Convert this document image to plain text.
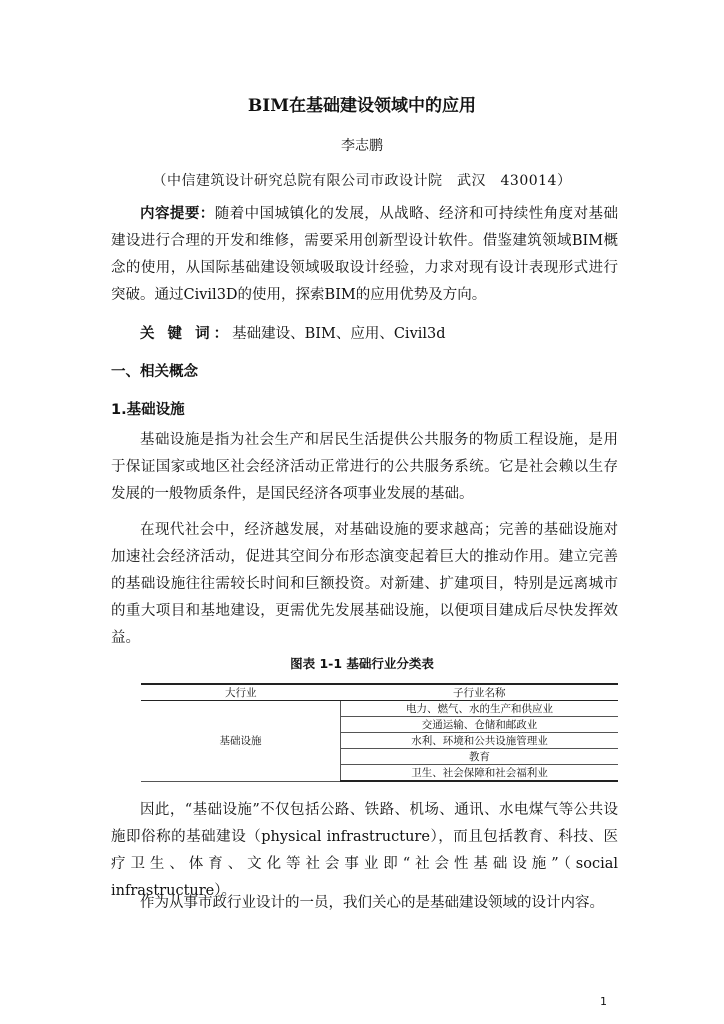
BIM在基础建设领域中的应用
李志鹏
（中信建筑设计研究总院有限公司市政设计院　武汉　430014）
内容提要：随着中国城镇化的发展，从战略、经济和可持续性角度对基础建设进行合理的开发和维修，需要采用创新型设计软件。借鉴建筑领域BIM概念的使用，从国际基础建设领域吸取设计经验，力求对现有设计表现形式进行突破。通过Civil3D的使用，探索BIM的应用优势及方向。
关 键 词：基础建设、BIM、应用、Civil3d
一、相关概念
1.基础设施
基础设施是指为社会生产和居民生活提供公共服务的物质工程设施，是用于保证国家或地区社会经济活动正常进行的公共服务系统。它是社会赖以生存发展的一般物质条件，是国民经济各项事业发展的基础。
在现代社会中，经济越发展，对基础设施的要求越高；完善的基础设施对加速社会经济活动，促进其空间分布形态演变起着巨大的推动作用。建立完善的基础设施往往需较长时间和巨额投资。对新建、扩建项目，特别是远离城市的重大项目和基地建设，更需优先发展基础设施，以便项目建成后尽快发挥效益。
图表 1-1 基础行业分类表
大行业	子行业名称
基础设施	电力、燃气、水的生产和供应业
	交通运输、仓储和邮政业
	水利、环境和公共设施管理业
	教育
	卫生、社会保障和社会福利业
因此，“基础设施”不仅包括公路、铁路、机场、通讯、水电煤气等公共设施即俗称的基础建设（physical infrastructure），而且包括教育、科技、医疗卫生、体育、文化等社会事业即“社会性基础设施”（social infrastructure）。
作为从事市政行业设计的一员，我们关心的是基础建设领域的设计内容。
1
